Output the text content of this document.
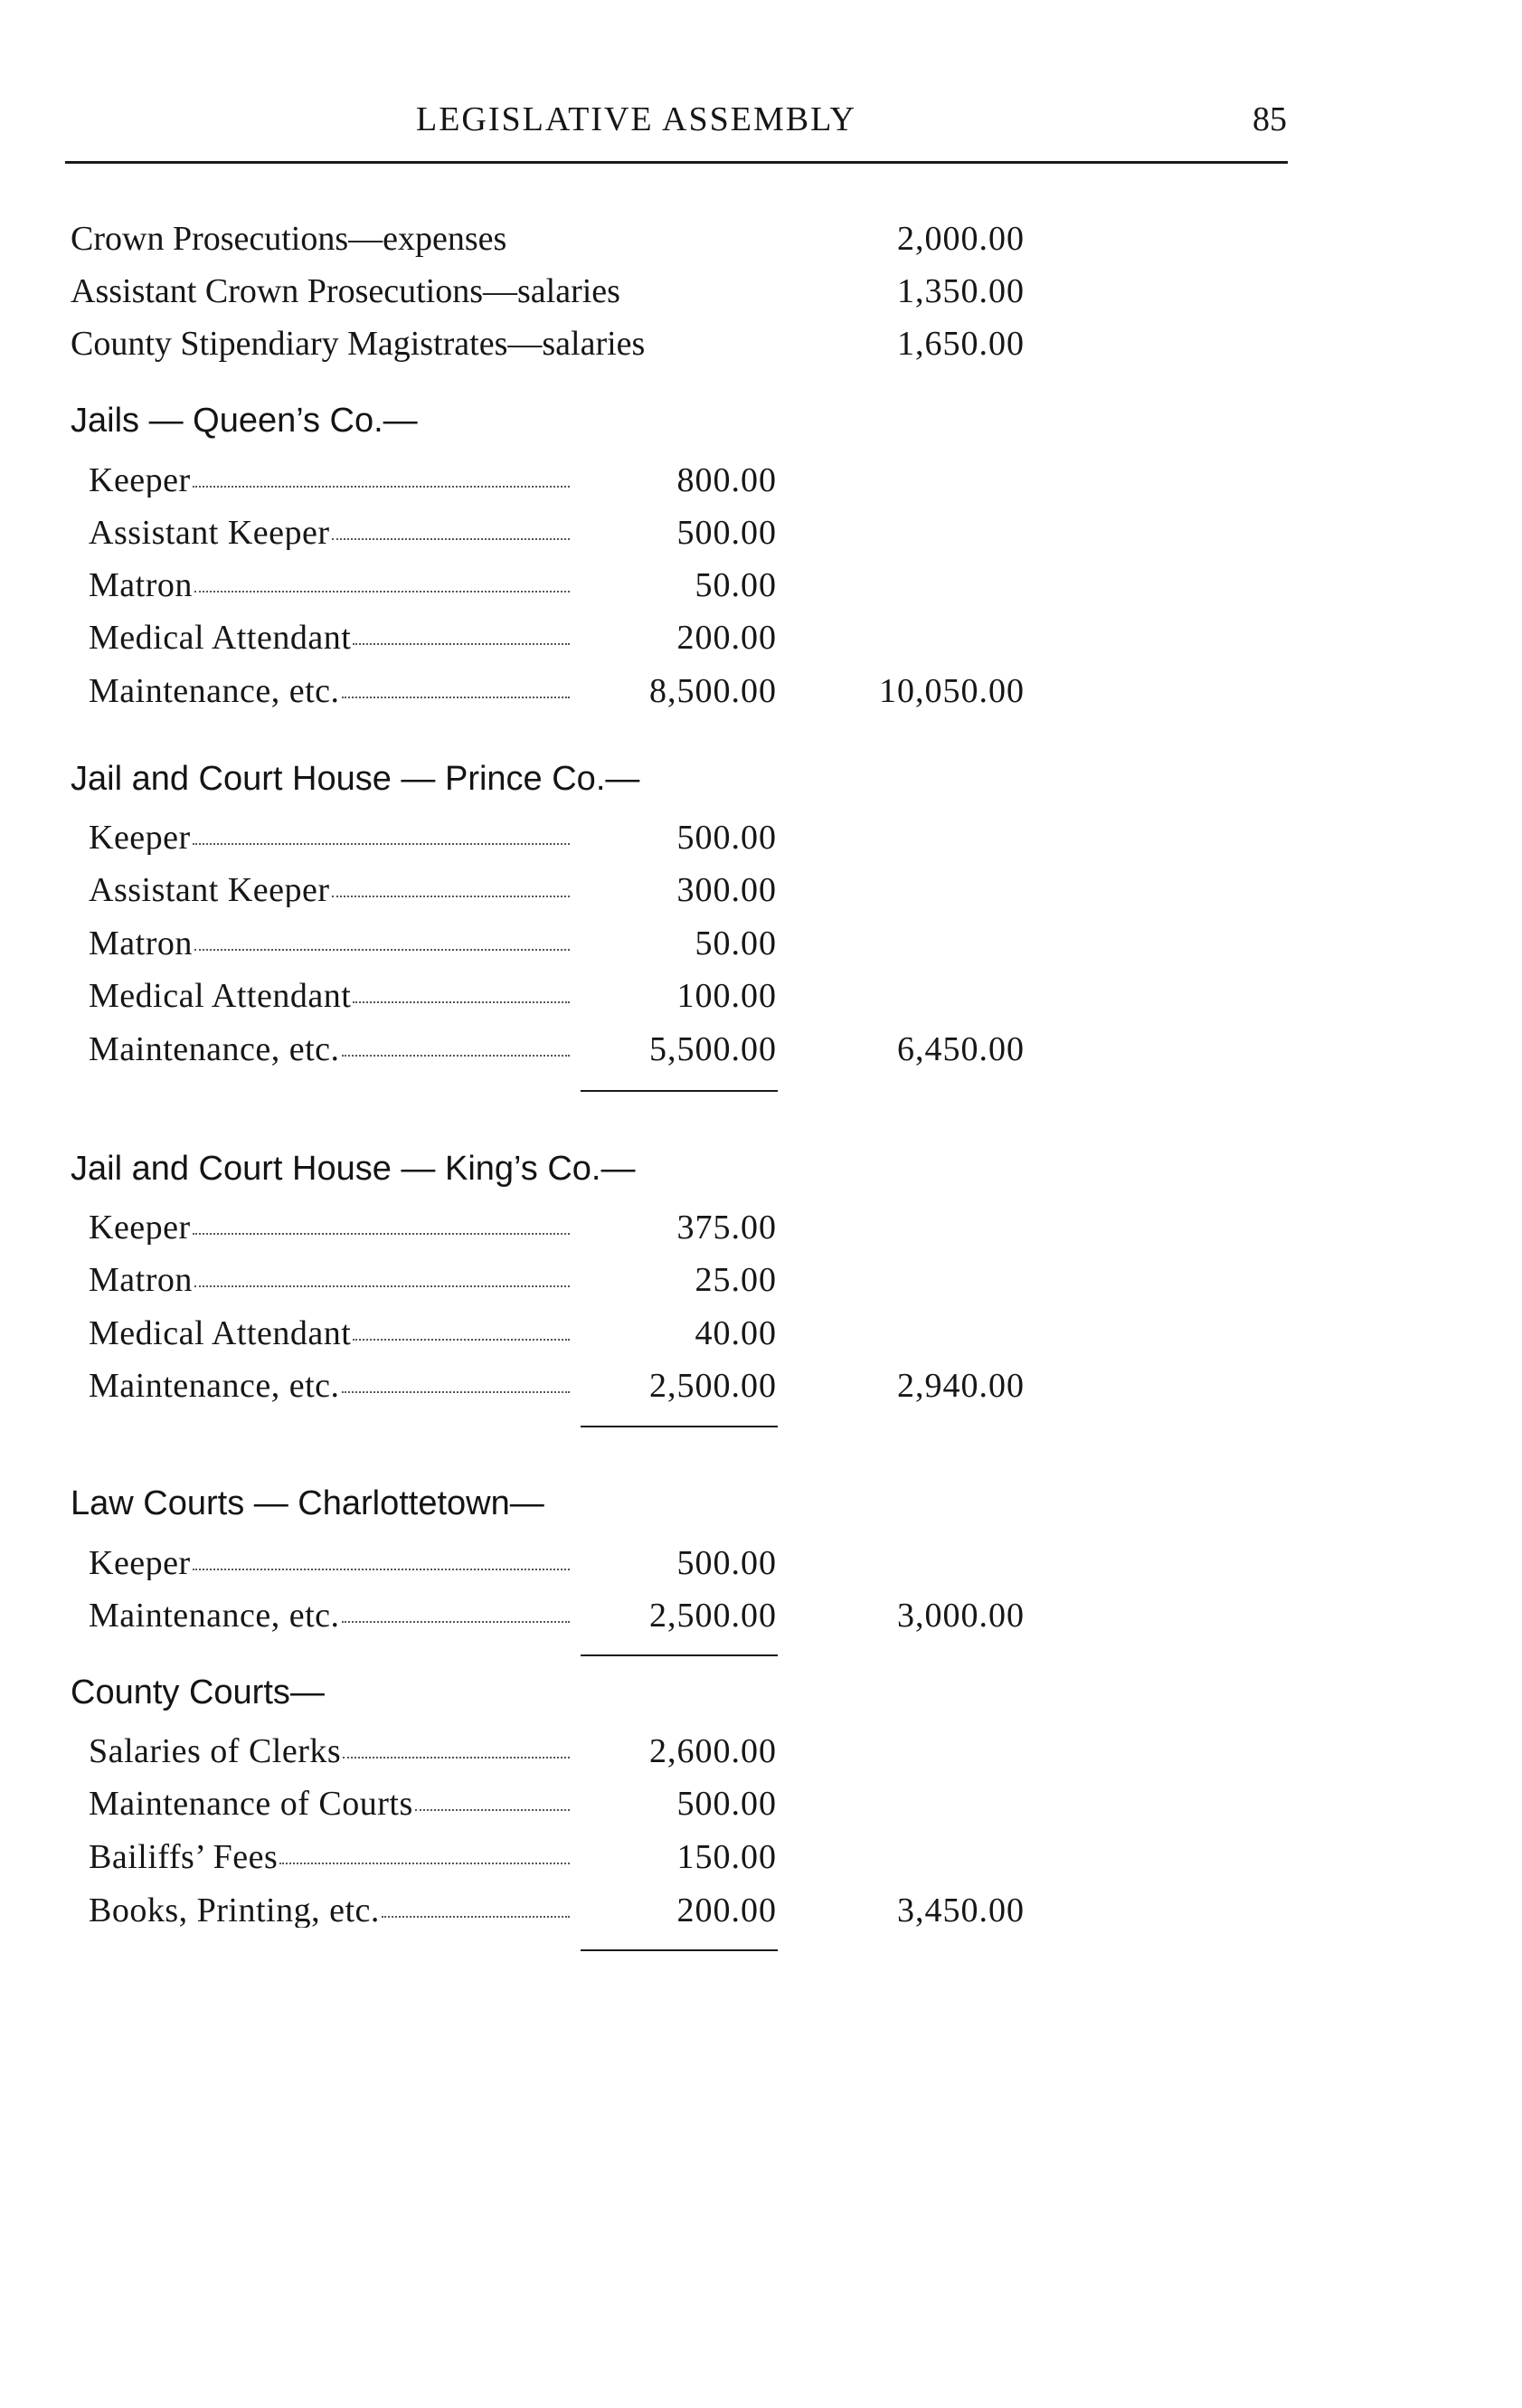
LEGISLATIVE ASSEMBLY	85
Crown Prosecutions—expenses	2,000.00
Assistant Crown Prosecutions—salaries	1,350.00
County Stipendiary Magistrates—salaries	1,650.00
Jails — Queen’s Co.—
Keeper	800.00
Assistant Keeper	500.00
Matron	50.00
Medical Attendant	200.00
Maintenance, etc.	8,500.00	10,050.00
Jail and Court House — Prince Co.—
Keeper	500.00
Assistant Keeper	300.00
Matron	50.00
Medical Attendant	100.00
Maintenance, etc.	5,500.00	6,450.00
Jail and Court House — King’s Co.—
Keeper	375.00
Matron	25.00
Medical Attendant	40.00
Maintenance, etc.	2,500.00	2,940.00
Law Courts — Charlottetown—
Keeper	500.00
Maintenance, etc.	2,500.00	3,000.00
County Courts—
Salaries of Clerks	2,600.00
Maintenance of Courts	500.00
Bailiffs’ Fees	150.00
Books, Printing, etc.	200.00	3,450.00
